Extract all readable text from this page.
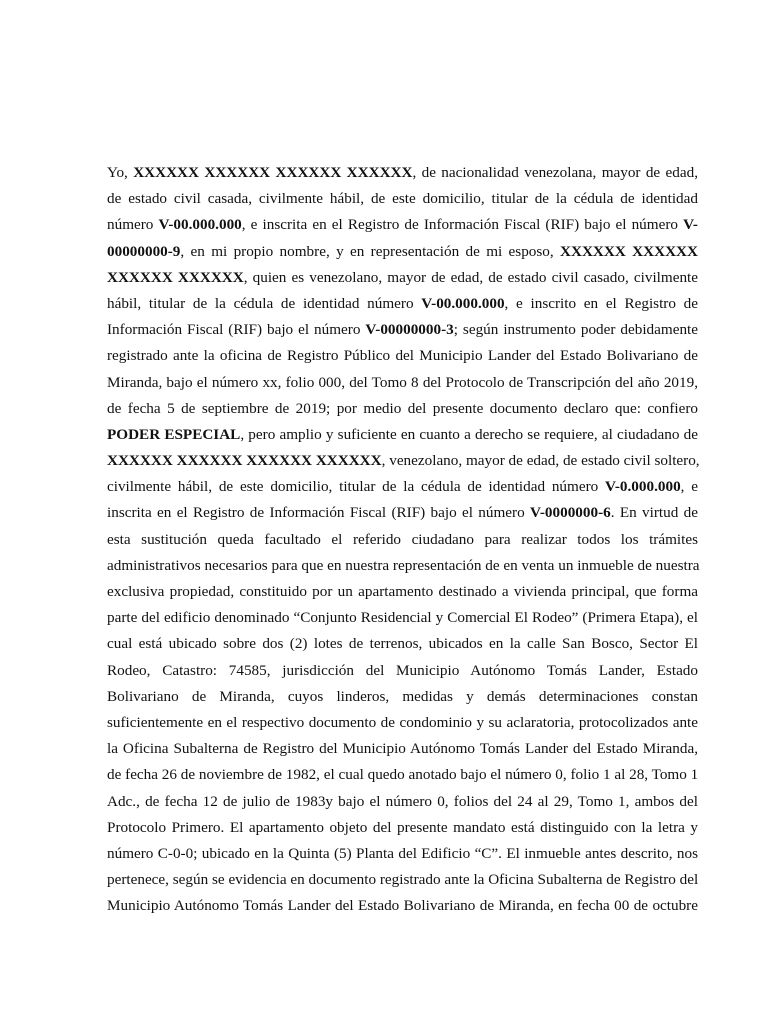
Yo, XXXXXX XXXXXX XXXXXX XXXXXX, de nacionalidad venezolana, mayor de edad,
de estado civil casada, civilmente hábil, de este domicilio, titular de la cédula de identidad
número V-00.000.000, e inscrita en el Registro de Información Fiscal (RIF) bajo el número V-
00000000-9, en mi propio nombre, y en representación de mi esposo, XXXXXX XXXXXX
XXXXXX XXXXXX, quien es venezolano, mayor de edad, de estado civil casado, civilmente
hábil, titular de la cédula de identidad número V-00.000.000, e inscrito en el Registro de
Información Fiscal (RIF) bajo el número V-00000000-3; según instrumento poder debidamente
registrado ante la oficina de Registro Público del Municipio Lander del Estado Bolivariano de
Miranda, bajo el número xx, folio 000, del Tomo 8 del Protocolo de Transcripción del año 2019,
de fecha 5 de septiembre de 2019; por medio del presente documento declaro que: confiero
PODER ESPECIAL, pero amplio y suficiente en cuanto a derecho se requiere, al ciudadano de
XXXXXX XXXXXX XXXXXX XXXXXX, venezolano, mayor de edad, de estado civil soltero,
civilmente hábil, de este domicilio, titular de la cédula de identidad número V-0.000.000, e
inscrita en el Registro de Información Fiscal (RIF) bajo el número V-0000000-6. En virtud de
esta sustitución queda facultado el referido ciudadano para realizar todos los trámites
administrativos necesarios para que en nuestra representación de en venta un inmueble de nuestra
exclusiva propiedad, constituido por un apartamento destinado a vivienda principal, que forma
parte del edificio denominado “Conjunto Residencial y Comercial El Rodeo” (Primera Etapa), el
cual está ubicado sobre dos (2) lotes de terrenos, ubicados en la calle San Bosco, Sector El
Rodeo, Catastro: 74585, jurisdicción del Municipio Autónomo Tomás Lander, Estado
Bolivariano de Miranda, cuyos linderos, medidas y demás determinaciones constan
suficientemente en el respectivo documento de condominio y su aclaratoria, protocolizados ante
la Oficina Subalterna de Registro del Municipio Autónomo Tomás Lander del Estado Miranda,
de fecha 26 de noviembre de 1982, el cual quedo anotado bajo el número 0, folio 1 al 28, Tomo 1
Adc., de fecha 12 de julio de 1983y bajo el número 0, folios del 24 al 29, Tomo 1, ambos del
Protocolo Primero. El apartamento objeto del presente mandato está distinguido con la letra y
número C-0-0; ubicado en la Quinta (5) Planta del Edificio “C”. El inmueble antes descrito, nos
pertenece, según se evidencia en documento registrado ante la Oficina Subalterna de Registro del
Municipio Autónomo Tomás Lander del Estado Bolivariano de Miranda, en fecha 00 de octubre
